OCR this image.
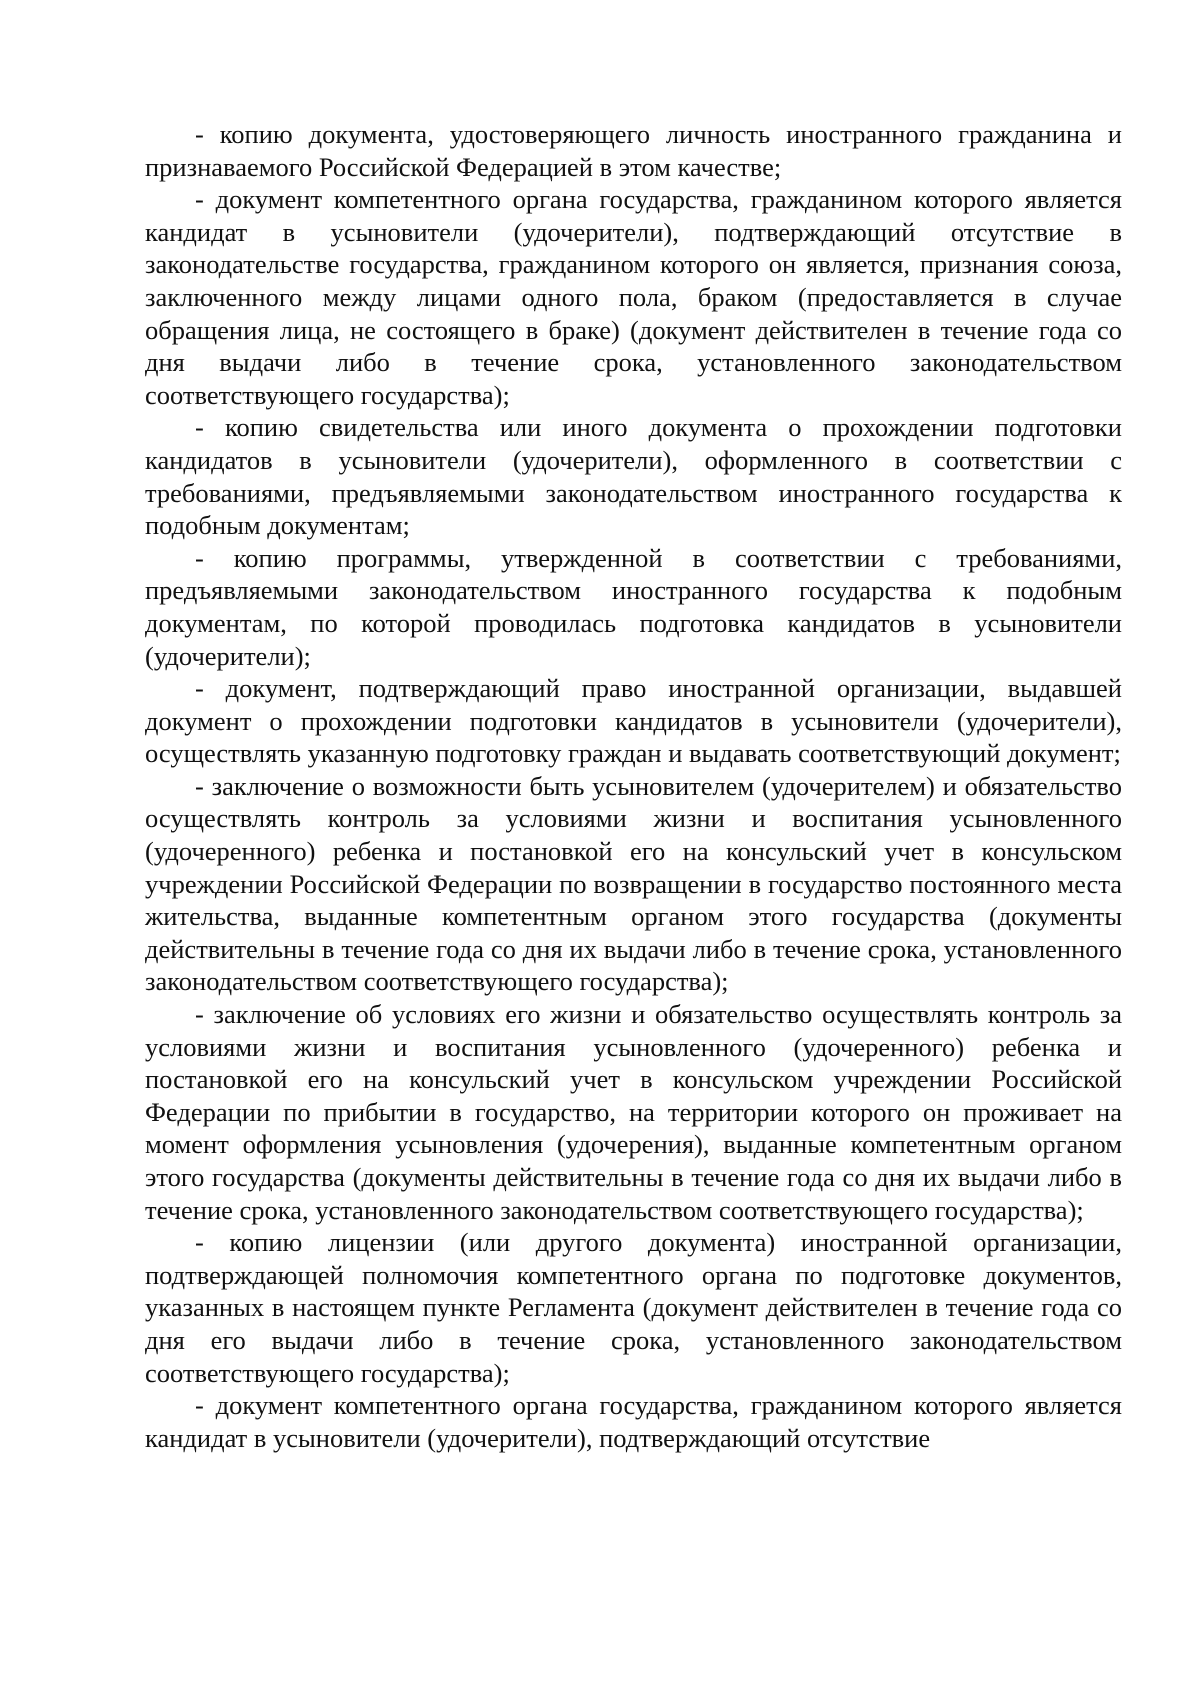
- копию документа, удостоверяющего личность иностранного гражданина и признаваемого Российской Федерацией в этом качестве;

- документ компетентного органа государства, гражданином которого является кандидат в усыновители (удочерители), подтверждающий отсутствие в законодательстве государства, гражданином которого он является, признания союза, заключенного между лицами одного пола, браком (предоставляется в случае обращения лица, не состоящего в браке) (документ действителен в течение года со дня выдачи либо в течение срока, установленного законодательством соответствующего государства);

- копию свидетельства или иного документа о прохождении подготовки кандидатов в усыновители (удочерители), оформленного в соответствии с требованиями, предъявляемыми законодательством иностранного государства к подобным документам;

- копию программы, утвержденной в соответствии с требованиями, предъявляемыми законодательством иностранного государства к подобным документам, по которой проводилась подготовка кандидатов в усыновители (удочерители);

- документ, подтверждающий право иностранной организации, выдавшей документ о прохождении подготовки кандидатов в усыновители (удочерители), осуществлять указанную подготовку граждан и выдавать соответствующий документ;

- заключение о возможности быть усыновителем (удочерителем) и обязательство осуществлять контроль за условиями жизни и воспитания усыновленного (удочеренного) ребенка и постановкой его на консульский учет в консульском учреждении Российской Федерации по возвращении в государство постоянного места жительства, выданные компетентным органом этого государства (документы действительны в течение года со дня их выдачи либо в течение срока, установленного законодательством соответствующего государства);

- заключение об условиях его жизни и обязательство осуществлять контроль за условиями жизни и воспитания усыновленного (удочеренного) ребенка и постановкой его на консульский учет в консульском учреждении Российской Федерации по прибытии в государство, на территории которого он проживает на момент оформления усыновления (удочерения), выданные компетентным органом этого государства (документы действительны в течение года со дня их выдачи либо в течение срока, установленного законодательством соответствующего государства);

- копию лицензии (или другого документа) иностранной организации, подтверждающей полномочия компетентного органа по подготовке документов, указанных в настоящем пункте Регламента (документ действителен в течение года со дня его выдачи либо в течение срока, установленного законодательством соответствующего государства);

- документ компетентного органа государства, гражданином которого является кандидат в усыновители (удочерители), подтверждающий отсутствие
